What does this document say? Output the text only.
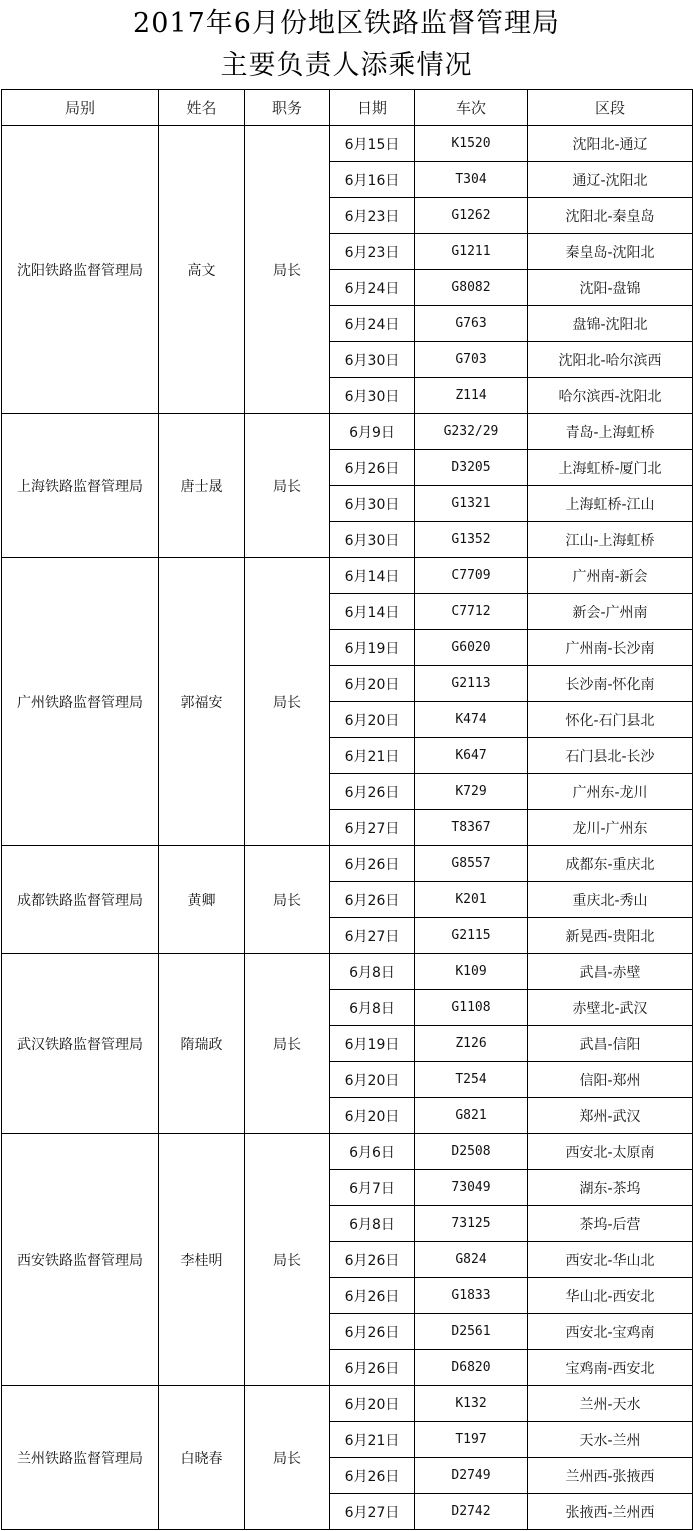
2017年6月份地区铁路监督管理局
主要负责人添乘情况
局别	姓名	职务	日期	车次	区段
沈阳铁路监督管理局	高文	局长	6月15日	K1520	沈阳北-通辽
			6月16日	T304	通辽-沈阳北
			6月23日	G1262	沈阳北-秦皇岛
			6月23日	G1211	秦皇岛-沈阳北
			6月24日	G8082	沈阳-盘锦
			6月24日	G763	盘锦-沈阳北
			6月30日	G703	沈阳北-哈尔滨西
			6月30日	Z114	哈尔滨西-沈阳北
上海铁路监督管理局	唐士晟	局长	6月9日	G232/29	青岛-上海虹桥
			6月26日	D3205	上海虹桥-厦门北
			6月30日	G1321	上海虹桥-江山
			6月30日	G1352	江山-上海虹桥
广州铁路监督管理局	郭福安	局长	6月14日	C7709	广州南-新会
			6月14日	C7712	新会-广州南
			6月19日	G6020	广州南-长沙南
			6月20日	G2113	长沙南-怀化南
			6月20日	K474	怀化-石门县北
			6月21日	K647	石门县北-长沙
			6月26日	K729	广州东-龙川
			6月27日	T8367	龙川-广州东
成都铁路监督管理局	黄卿	局长	6月26日	G8557	成都东-重庆北
			6月26日	K201	重庆北-秀山
			6月27日	G2115	新晃西-贵阳北
武汉铁路监督管理局	隋瑞政	局长	6月8日	K109	武昌-赤壁
			6月8日	G1108	赤壁北-武汉
			6月19日	Z126	武昌-信阳
			6月20日	T254	信阳-郑州
			6月20日	G821	郑州-武汉
西安铁路监督管理局	李桂明	局长	6月6日	D2508	西安北-太原南
			6月7日	73049	湖东-茶坞
			6月8日	73125	茶坞-后营
			6月26日	G824	西安北-华山北
			6月26日	G1833	华山北-西安北
			6月26日	D2561	西安北-宝鸡南
			6月26日	D6820	宝鸡南-西安北
兰州铁路监督管理局	白晓春	局长	6月20日	K132	兰州-天水
			6月21日	T197	天水-兰州
			6月26日	D2749	兰州西-张掖西
			6月27日	D2742	张掖西-兰州西
